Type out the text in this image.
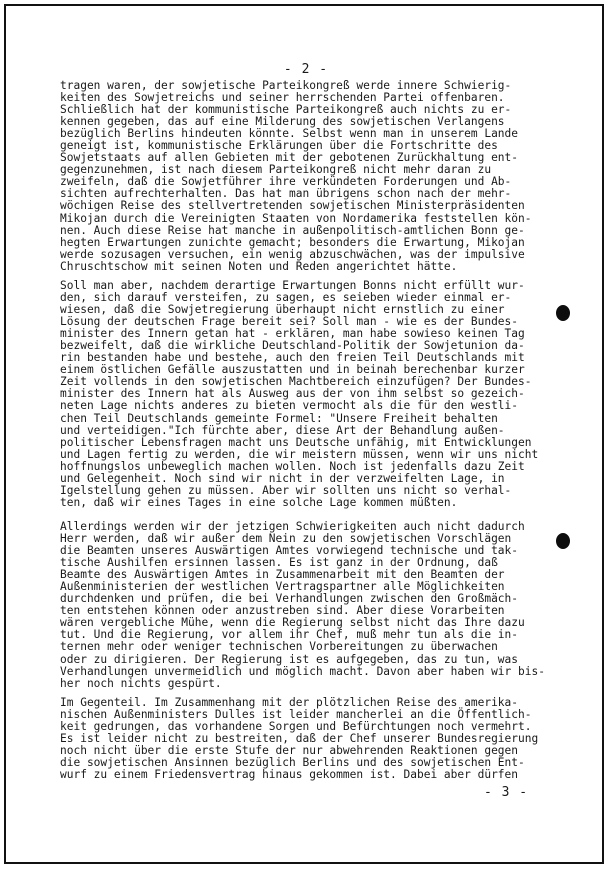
- 2 -
tragen waren, der sowjetische Parteikongreß werde innere Schwierig-
keiten des Sowjetreichs und seiner herrschenden Partei offenbaren.
Schließlich hat der kommunistische Parteikongreß auch nichts zu er-
kennen gegeben, das auf eine Milderung des sowjetischen Verlangens
bezüglich Berlins hindeuten könnte. Selbst wenn man in unserem Lande
geneigt ist, kommunistische Erklärungen über die Fortschritte des
Sowjetstaats auf allen Gebieten mit der gebotenen Zurückhaltung ent-
gegenzunehmen, ist nach diesem Parteikongreß nicht mehr daran zu
zweifeln, daß die Sowjetführer ihre verkündeten Forderungen und Ab-
sichten aufrechterhalten. Das hat man übrigens schon nach der mehr-
wöchigen Reise des stellvertretenden sowjetischen Ministerpräsidenten
Mikojan durch die Vereinigten Staaten von Nordamerika feststellen kön-
nen. Auch diese Reise hat manche in außenpolitisch-amtlichen Bonn ge-
hegten Erwartungen zunichte gemacht; besonders die Erwartung, Mikojan
werde sozusagen versuchen, ein wenig abzuschwächen, was der impulsive
Chruschtschow mit seinen Noten und Reden angerichtet hätte.
Soll man aber, nachdem derartige Erwartungen Bonns nicht erfüllt wur-
den, sich darauf versteifen, zu sagen, es seieben wieder einmal er-
wiesen, daß die Sowjetregierung überhaupt nicht ernstlich zu einer
Lösung der deutschen Frage bereit sei? Soll man - wie es der Bundes-
minister des Innern getan hat - erklären, man habe sowieso keinen Tag
bezweifelt, daß die wirkliche Deutschland-Politik der Sowjetunion da-
rin bestanden habe und bestehe, auch den freien Teil Deutschlands mit
einem östlichen Gefälle auszustatten und in beinah berechenbar kurzer
Zeit vollends in den sowjetischen Machtbereich einzufügen? Der Bundes-
minister des Innern hat als Ausweg aus der von ihm selbst so gezeich-
neten Lage nichts anderes zu bieten vermocht als die für den westli-
chen Teil Deutschlands gemeinte Formel: "Unsere Freiheit behalten
und verteidigen."Ich fürchte aber, diese Art der Behandlung außen-
politischer Lebensfragen macht uns Deutsche unfähig, mit Entwicklungen
und Lagen fertig zu werden, die wir meistern müssen, wenn wir uns nicht
hoffnungslos unbeweglich machen wollen. Noch ist jedenfalls dazu Zeit
und Gelegenheit. Noch sind wir nicht in der verzweifelten Lage, in
Igelstellung gehen zu müssen. Aber wir sollten uns nicht so verhal-
ten, daß wir eines Tages in eine solche Lage kommen müßten.
Allerdings werden wir der jetzigen Schwierigkeiten auch nicht dadurch
Herr werden, daß wir außer dem Nein zu den sowjetischen Vorschlägen
die Beamten unseres Auswärtigen Amtes vorwiegend technische und tak-
tische Aushilfen ersinnen lassen. Es ist ganz in der Ordnung, daß
Beamte des Auswärtigen Amtes in Zusammenarbeit mit den Beamten der
Außenministerien der westlichen Vertragspartner alle Möglichkeiten
durchdenken und prüfen, die bei Verhandlungen zwischen den Großmäch-
ten entstehen können oder anzustreben sind. Aber diese Vorarbeiten
wären vergebliche Mühe, wenn die Regierung selbst nicht das Ihre dazu
tut. Und die Regierung, vor allem ihr Chef, muß mehr tun als die in-
ternen mehr oder weniger technischen Vorbereitungen zu überwachen
oder zu dirigieren. Der Regierung ist es aufgegeben, das zu tun, was
Verhandlungen unvermeidlich und möglich macht. Davon aber haben wir bis-
her noch nichts gespürt.
Im Gegenteil. Im Zusammenhang mit der plötzlichen Reise des amerika-
nischen Außenministers Dulles ist leider mancherlei an die Öffentlich-
keit gedrungen, das vorhandene Sorgen und Befürchtungen noch vermehrt.
Es ist leider nicht zu bestreiten, daß der Chef unserer Bundesregierung
noch nicht über die erste Stufe der nur abwehrenden Reaktionen gegen
die sowjetischen Ansinnen bezüglich Berlins und des sowjetischen Ent-
wurf zu einem Friedensvertrag hinaus gekommen ist. Dabei aber dürfen
- 3 -
